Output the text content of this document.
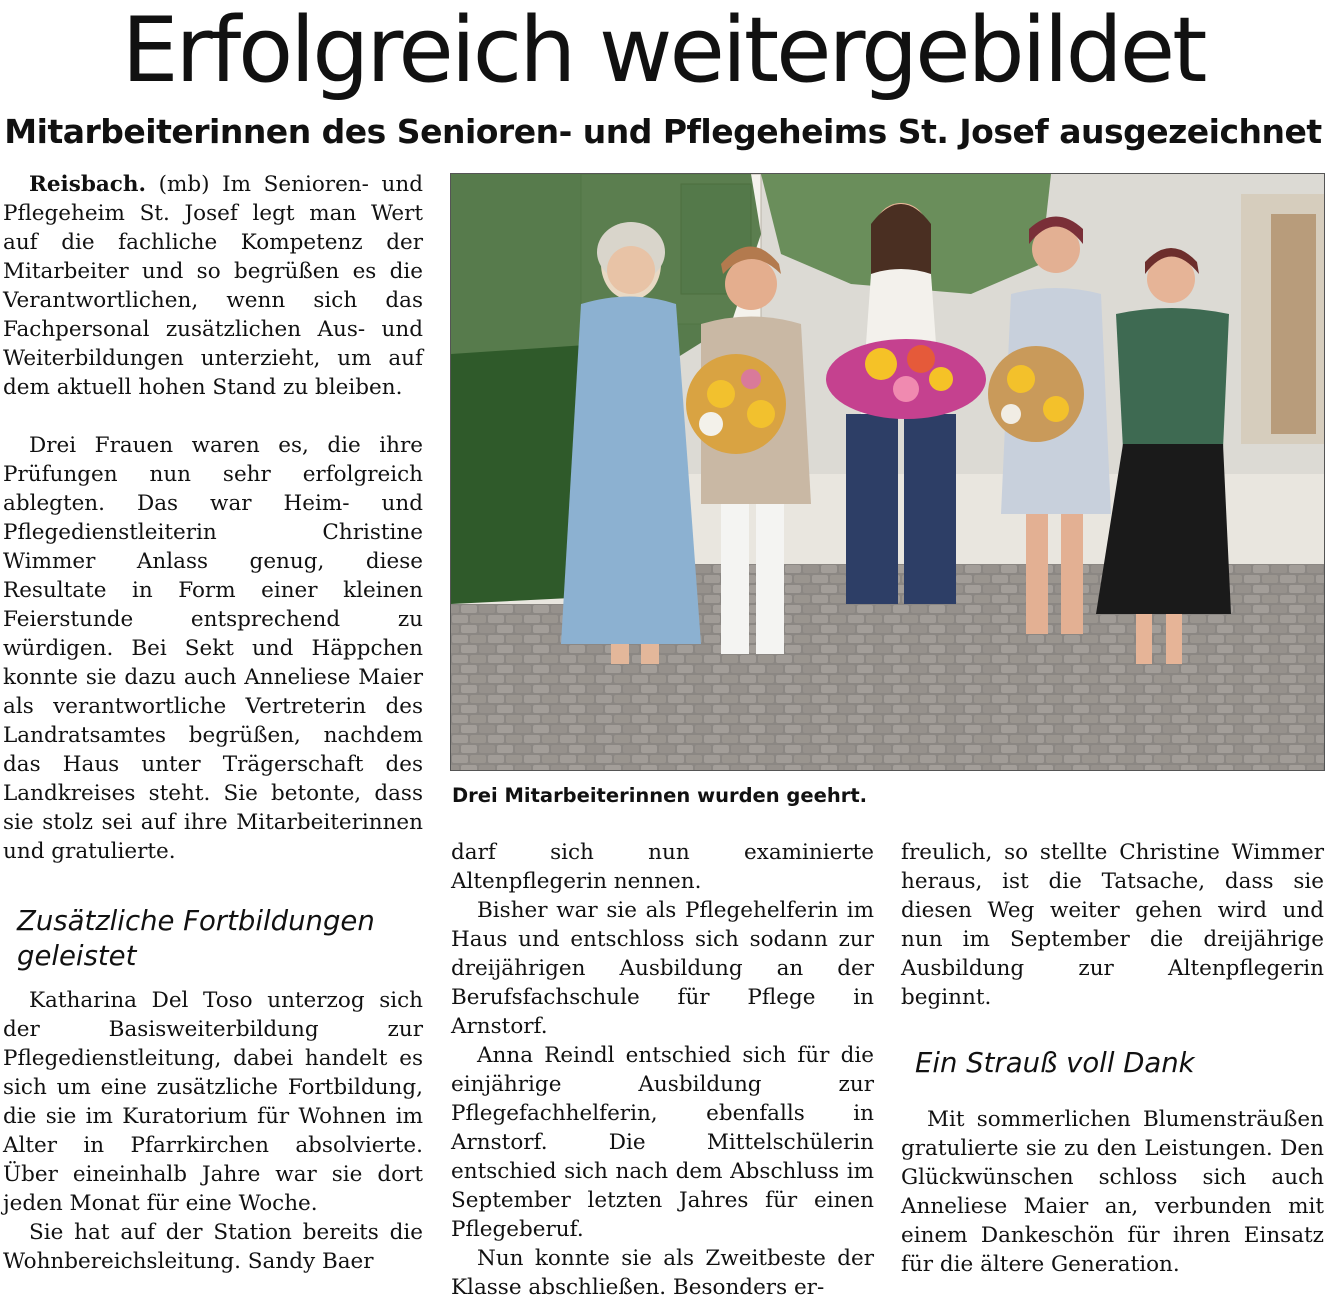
Erfolgreich weitergebildet
Mitarbeiterinnen des Senioren- und Pflegeheims St. Josef ausgezeichnet

Reisbach. (mb) Im Senioren- und Pflegeheim St. Josef legt man Wert auf die fachliche Kompetenz der Mitarbeiter und so begrüßen es die Verantwortlichen, wenn sich das Fachpersonal zusätzlichen Aus- und Weiterbildungen unterzieht, um auf dem aktuell hohen Stand zu bleiben.

Drei Frauen waren es, die ihre Prüfungen nun sehr erfolgreich ablegten. Das war Heim- und Pflegedienstleiterin Christine Wimmer Anlass genug, diese Resultate in Form einer kleinen Feierstunde entsprechend zu würdigen. Bei Sekt und Häppchen konnte sie dazu auch Anneliese Maier als verantwortliche Vertreterin des Landratsamtes begrüßen, nachdem das Haus unter Trägerschaft des Landkreises steht. Sie betonte, dass sie stolz sei auf ihre Mitarbeiterinnen und gratulierte.

Zusätzliche Fortbildungen geleistet

Katharina Del Toso unterzog sich der Basisweiterbildung zur Pflegedienstleitung, dabei handelt es sich um eine zusätzliche Fortbildung, die sie im Kuratorium für Wohnen im Alter in Pfarrkirchen absolvierte. Über eineinhalb Jahre war sie dort jeden Monat für eine Woche.

Sie hat auf der Station bereits die Wohnbereichsleitung. Sandy Baer

Drei Mitarbeiterinnen wurden geehrt.

darf sich nun examinierte Altenpflegerin nennen.

Bisher war sie als Pflegehelferin im Haus und entschloss sich sodann zur dreijährigen Ausbildung an der Berufsfachschule für Pflege in Arnstorf.

Anna Reindl entschied sich für die einjährige Ausbildung zur Pflegefachhelferin, ebenfalls in Arnstorf. Die Mittelschülerin entschied sich nach dem Abschluss im September letzten Jahres für einen Pflegeberuf.

Nun konnte sie als Zweitbeste der Klasse abschließen. Besonders er-

freulich, so stellte Christine Wimmer heraus, ist die Tatsache, dass sie diesen Weg weiter gehen wird und nun im September die dreijährige Ausbildung zur Altenpflegerin beginnt.

Ein Strauß voll Dank

Mit sommerlichen Blumensträußen gratulierte sie zu den Leistungen. Den Glückwünschen schloss sich auch Anneliese Maier an, verbunden mit einem Dankeschön für ihren Einsatz für die ältere Generation.
